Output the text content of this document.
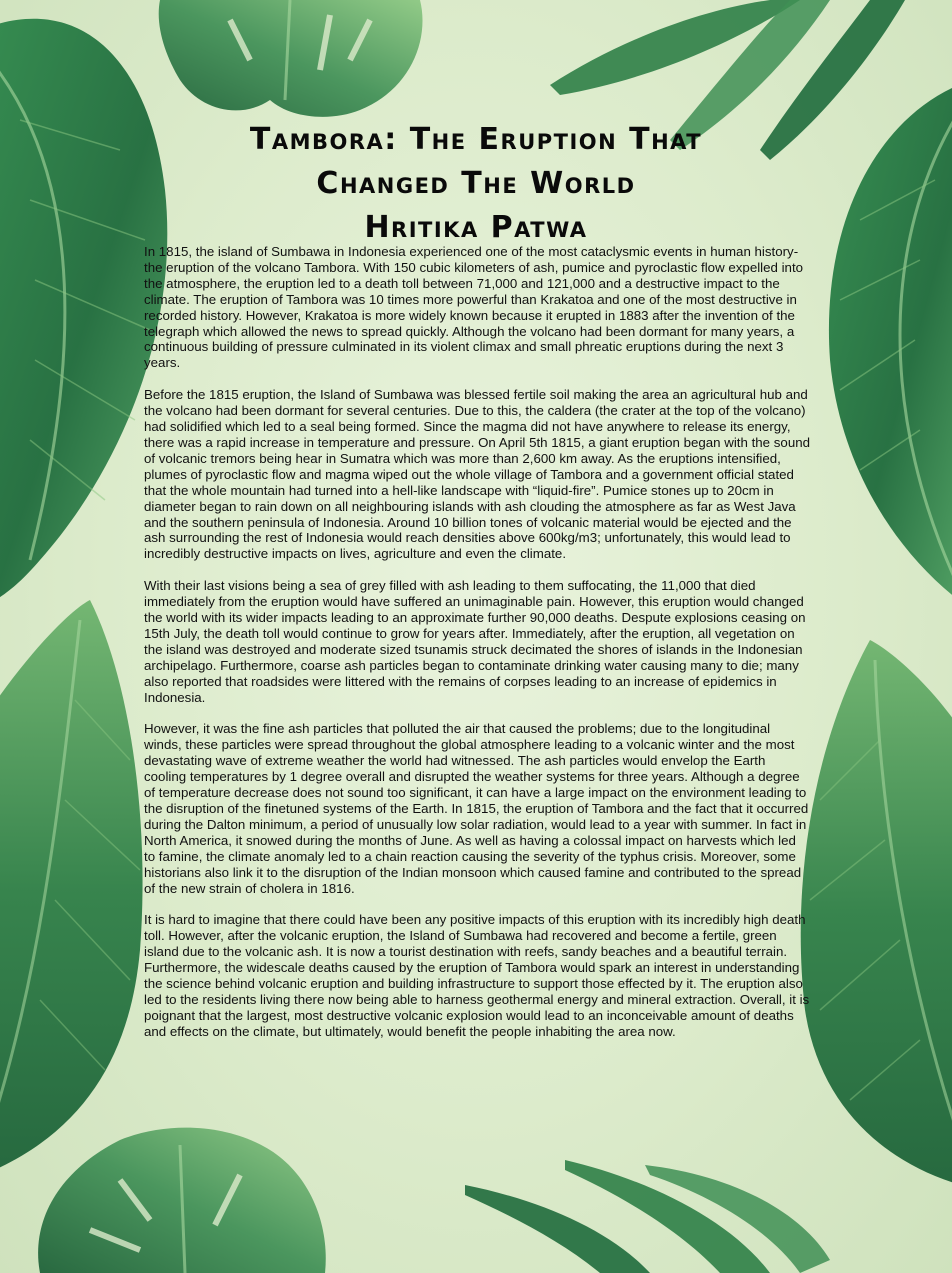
Tambora: The Eruption That
Changed The World
Hritika Patwa

In 1815, the island of Sumbawa in Indonesia experienced one of the most cataclysmic events in human history- the eruption of the volcano Tambora. With 150 cubic kilometers of ash, pumice and pyroclastic flow expelled into the atmosphere, the eruption led to a death toll between 71,000 and 121,000 and a destructive impact to the climate. The eruption of Tambora was 10 times more powerful than Krakatoa and one of the most destructive in recorded history. However, Krakatoa is more widely known because it erupted in 1883 after the invention of the telegraph which allowed the news to spread quickly. Although the volcano had been dormant for many years, a continuous building of pressure culminated in its violent climax and small phreatic eruptions during the next 3 years.

Before the 1815 eruption, the Island of Sumbawa was blessed fertile soil making the area an agricultural hub and the volcano had been dormant for several centuries. Due to this, the caldera (the crater at the top of the volcano) had solidified which led to a seal being formed. Since the magma did not have anywhere to release its energy, there was a rapid increase in temperature and pressure. On April 5th 1815, a giant eruption began with the sound of volcanic tremors being hear in Sumatra which was more than 2,600 km away. As the eruptions intensified, plumes of pyroclastic flow and magma wiped out the whole village of Tambora and a government official stated that the whole mountain had turned into a hell-like landscape with “liquid-fire”. Pumice stones up to 20cm in diameter began to rain down on all neighbouring islands with ash clouding the atmosphere as far as West Java and the southern peninsula of Indonesia. Around 10 billion tones of volcanic material would be ejected and the ash surrounding the rest of Indonesia would reach densities above 600kg/m3; unfortunately, this would lead to incredibly destructive impacts on lives, agriculture and even the climate.

With their last visions being a sea of grey filled with ash leading to them suffocating, the 11,000 that died immediately from the eruption would have suffered an unimaginable pain. However, this eruption would changed the world with its wider impacts leading to an approximate further 90,000 deaths. Despute explosions ceasing on 15th July, the death toll would continue to grow for years after. Immediately, after the eruption, all vegetation on the island was destroyed and moderate sized tsunamis struck decimated the shores of islands in the Indonesian archipelago. Furthermore, coarse ash particles began to contaminate drinking water causing many to die; many also reported that roadsides were littered with the remains of corpses leading to an increase of epidemics in Indonesia.

However, it was the fine ash particles that polluted the air that caused the problems; due to the longitudinal winds, these particles were spread throughout the global atmosphere leading to a volcanic winter and the most devastating wave of extreme weather the world had witnessed. The ash particles would envelop the Earth cooling temperatures by 1 degree overall and disrupted the weather systems for three years. Although a degree of temperature decrease does not sound too significant, it can have a large impact on the environment leading to the disruption of the finetuned systems of the Earth. In 1815, the eruption of Tambora and the fact that it occurred during the Dalton minimum, a period of unusually low solar radiation, would lead to a year with summer. In fact in North America, it snowed during the months of June. As well as having a colossal impact on harvests which led to famine, the climate anomaly led to a chain reaction causing the severity of the typhus crisis. Moreover, some historians also link it to the disruption of the Indian monsoon which caused famine and contributed to the spread of the new strain of cholera in 1816.

It is hard to imagine that there could have been any positive impacts of this eruption with its incredibly high death toll. However, after the volcanic eruption, the Island of Sumbawa had recovered and become a fertile, green island due to the volcanic ash. It is now a tourist destination with reefs, sandy beaches and a beautiful terrain. Furthermore, the widescale deaths caused by the eruption of Tambora would spark an interest in understanding the science behind volcanic eruption and building infrastructure to support those effected by it. The eruption also led to the residents living there now being able to harness geothermal energy and mineral extraction. Overall, it is poignant that the largest, most destructive volcanic explosion would lead to an inconceivable amount of deaths and effects on the climate, but ultimately, would benefit the people inhabiting the area now.
